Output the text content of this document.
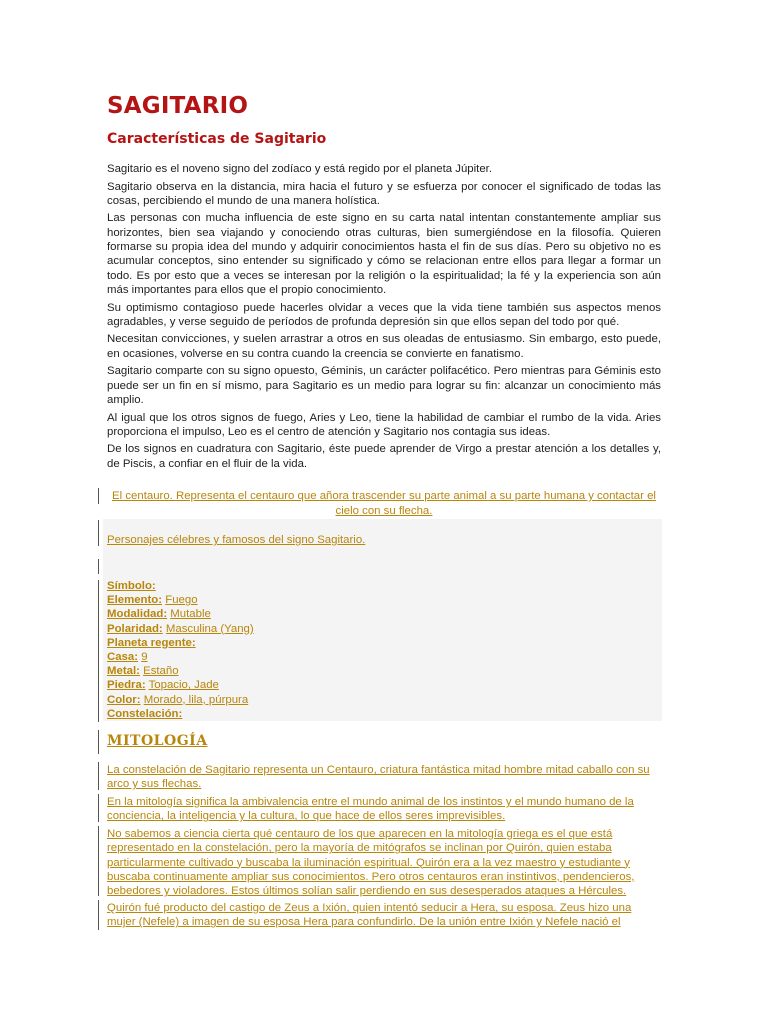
SAGITARIO
Características de Sagitario

Sagitario es el noveno signo del zodíaco y está regido por el planeta Júpiter.

Sagitario observa en la distancia, mira hacia el futuro y se esfuerza por conocer el significado de todas las cosas, percibiendo el mundo de una manera holística.

Las personas con mucha influencia de este signo en su carta natal intentan constantemente ampliar sus horizontes, bien sea viajando y conociendo otras culturas, bien sumergiéndose en la filosofía. Quieren formarse su propia idea del mundo y adquirir conocimientos hasta el fin de sus días. Pero su objetivo no es acumular conceptos, sino entender su significado y cómo se relacionan entre ellos para llegar a formar un todo. Es por esto que a veces se interesan por la religión o la espiritualidad; la fé y la experiencia son aún más importantes para ellos que el propio conocimiento.

Su optimismo contagioso puede hacerles olvidar a veces que la vida tiene también sus aspectos menos agradables, y verse seguido de períodos de profunda depresión sin que ellos sepan del todo por qué.

Necesitan convicciones, y suelen arrastrar a otros en sus oleadas de entusiasmo. Sin embargo, esto puede, en ocasiones, volverse en su contra cuando la creencia se convierte en fanatismo.

Sagitario comparte con su signo opuesto, Géminis, un carácter polifacético. Pero mientras para Géminis esto puede ser un fin en sí mismo, para Sagitario es un medio para lograr su fin: alcanzar un conocimiento más amplio.

Al igual que los otros signos de fuego, Aries y Leo, tiene la habilidad de cambiar el rumbo de la vida. Aries proporciona el impulso, Leo es el centro de atención y Sagitario nos contagia sus ideas.

De los signos en cuadratura con Sagitario, éste puede aprender de Virgo a prestar atención a los detalles y, de Piscis, a confiar en el fluir de la vida.

El centauro. Representa el centauro que añora trascender su parte animal a su parte humana y contactar el cielo con su flecha.
Personajes célebres y famosos del signo Sagitario.
Símbolo:
Elemento: Fuego
Modalidad: Mutable
Polaridad: Masculina (Yang)
Planeta regente:
Casa: 9
Metal: Estaño
Piedra: Topacio, Jade
Color: Morado, lila, púrpura
Constelación:
MITOLOGÍA
La constelación de Sagitario representa un Centauro, criatura fantástica mitad hombre mitad caballo con su arco y sus flechas.
En la mitología significa la ambivalencia entre el mundo animal de los instintos y el mundo humano de la conciencia, la inteligencia y la cultura, lo que hace de ellos seres imprevisibles.
No sabemos a ciencia cierta qué centauro de los que aparecen en la mitología griega es el que está representado en la constelación, pero la mayoría de mitógrafos se inclinan por Quirón, quien estaba particularmente cultivado y buscaba la iluminación espiritual. Quirón era a la vez maestro y estudiante y buscaba continuamente ampliar sus conocimientos. Pero otros centauros eran instintivos, pendencieros, bebedores y violadores. Estos últimos solían salir perdiendo en sus desesperados ataques a Hércules.
Quirón fué producto del castigo de Zeus a Ixión, quien intentó seducir a Hera, su esposa. Zeus hizo una mujer (Nefele) a imagen de su esposa Hera para confundirlo. De la unión entre Ixión y Nefele nació el
